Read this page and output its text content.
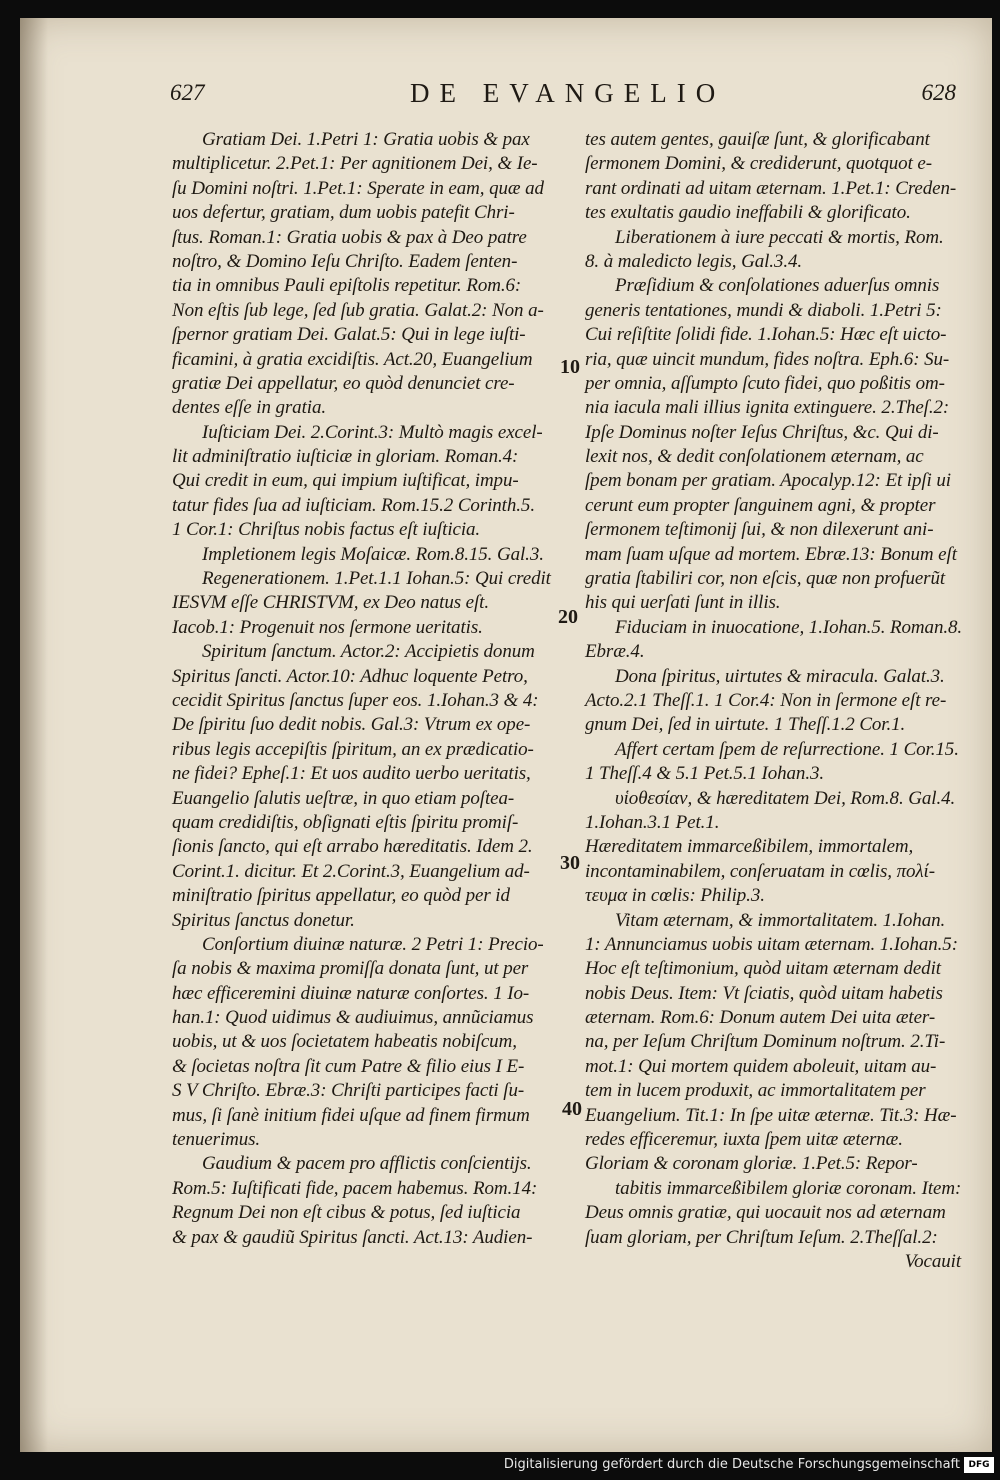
627	DE EVANGELIO	628
Gratiam Dei. 1.Petri 1: Gratia uobis & pax
multiplicetur. 2.Pet.1: Per agnitionem Dei, & Ie-
ſu Domini noſtri. 1.Pet.1: Sperate in eam, quæ ad
uos defertur, gratiam, dum uobis patefit Chri-
ſtus. Roman.1: Gratia uobis & pax à Deo patre
noſtro, & Domino Ieſu Chriſto. Eadem ſenten-
tia in omnibus Pauli epiſtolis repetitur. Rom.6:
Non eſtis ſub lege, ſed ſub gratia. Galat.2: Non a-
ſpernor gratiam Dei. Galat.5: Qui in lege iuſti-
ficamini, à gratia excidiſtis. Act.20, Euangelium
gratiæ Dei appellatur, eo quòd denunciet cre-
dentes eſſe in gratia.
Iuſticiam Dei. 2.Corint.3: Multò magis excel-
lit adminiſtratio iuſticiæ in gloriam. Roman.4:
Qui credit in eum, qui impium iuſtificat, impu-
tatur fides ſua ad iuſticiam. Rom.15.2 Corinth.5.
1 Cor.1: Chriſtus nobis factus eſt iuſticia.
Impletionem legis Moſaicæ. Rom.8.15. Gal.3.
Regenerationem. 1.Pet.1.1 Iohan.5: Qui credit
IESVM eſſe CHRISTVM, ex Deo natus eſt.
Iacob.1: Progenuit nos ſermone ueritatis.
Spiritum ſanctum. Actor.2: Accipietis donum
Spiritus ſancti. Actor.10: Adhuc loquente Petro,
cecidit Spiritus ſanctus ſuper eos. 1.Iohan.3 & 4:
De ſpiritu ſuo dedit nobis. Gal.3: Vtrum ex ope-
ribus legis accepiſtis ſpiritum, an ex prædicatio-
ne fidei? Epheſ.1: Et uos audito uerbo ueritatis,
Euangelio ſalutis ueſtræ, in quo etiam poſtea-
quam credidiſtis, obſignati eſtis ſpiritu promiſ-
ſionis ſancto, qui eſt arrabo hæreditatis. Idem 2.
Corint.1. dicitur. Et 2.Corint.3, Euangelium ad-
miniſtratio ſpiritus appellatur, eo quòd per id
Spiritus ſanctus donetur.
Conſortium diuinæ naturæ. 2 Petri 1: Precio-
ſa nobis & maxima promiſſa donata ſunt, ut per
hæc efficeremini diuinæ naturæ conſortes. 1 Io-
han.1: Quod uidimus & audiuimus, annũciamus
uobis, ut & uos ſocietatem habeatis nobiſcum,
& ſocietas noſtra ſit cum Patre & filio eius I E-
S V Chriſto. Ebræ.3: Chriſti participes facti ſu-
mus, ſi ſanè initium fidei uſque ad finem firmum
tenuerimus.
Gaudium & pacem pro afflictis conſcientijs.
Rom.5: Iuſtificati fide, pacem habemus. Rom.14:
Regnum Dei non eſt cibus & potus, ſed iuſticia
& pax & gaudiũ Spiritus ſancti. Act.13: Audien-
tes autem gentes, gauiſæ ſunt, & glorificabant
ſermonem Domini, & crediderunt, quotquot e-
rant ordinati ad uitam æternam. 1.Pet.1: Creden-
tes exultatis gaudio ineffabili & glorificato.
Liberationem à iure peccati & mortis, Rom.
8. à maledicto legis, Gal.3.4.
Præſidium & conſolationes aduerſus omnis
generis tentationes, mundi & diaboli. 1.Petri 5:
Cui reſiſtite ſolidi fide. 1.Iohan.5: Hæc eſt uicto-
ria, quæ uincit mundum, fides noſtra. Eph.6: Su-
per omnia, aſſumpto ſcuto fidei, quo poßitis om-
nia iacula mali illius ignita extinguere. 2.Theſ.2:
Ipſe Dominus noſter Ieſus Chriſtus, &c. Qui di-
lexit nos, & dedit conſolationem æternam, ac
ſpem bonam per gratiam. Apocalyp.12: Et ipſi ui
cerunt eum propter ſanguinem agni, & propter
ſermonem teſtimonij ſui, & non dilexerunt ani-
mam ſuam uſque ad mortem. Ebræ.13: Bonum eſt
gratia ſtabiliri cor, non eſcis, quæ non profuerũt
his qui uerſati ſunt in illis.
Fiduciam in inuocatione, 1.Iohan.5. Roman.8.
Ebræ.4.
Dona ſpiritus, uirtutes & miracula. Galat.3.
Acto.2.1 Theſſ.1. 1 Cor.4: Non in ſermone eſt re-
gnum Dei, ſed in uirtute. 1 Theſſ.1.2 Cor.1.
Affert certam ſpem de reſurrectione. 1 Cor.15.
1 Theſſ.4 & 5.1 Pet.5.1 Iohan.3.
υἱοθεσίαν, & hæreditatem Dei, Rom.8. Gal.4.
1.Iohan.3.1 Pet.1.
Hæreditatem immarceßibilem, immortalem,
incontaminabilem, conſeruatam in cœlis, πολί-
τευμα in cœlis: Philip.3.
Vitam æternam, & immortalitatem. 1.Iohan.
1: Annunciamus uobis uitam æternam. 1.Iohan.5:
Hoc eſt teſtimonium, quòd uitam æternam dedit
nobis Deus. Item: Vt ſciatis, quòd uitam habetis
æternam. Rom.6: Donum autem Dei uita æter-
na, per Ieſum Chriſtum Dominum noſtrum. 2.Ti-
mot.1: Qui mortem quidem aboleuit, uitam au-
tem in lucem produxit, ac immortalitatem per
Euangelium. Tit.1: In ſpe uitæ æternæ. Tit.3: Hæ-
redes efficeremur, iuxta ſpem uitæ æternæ.
Gloriam & coronam gloriæ. 1.Pet.5: Repor-
tabitis immarceßibilem gloriæ coronam. Item:
Deus omnis gratiæ, qui uocauit nos ad æternam
ſuam gloriam, per Chriſtum Ieſum. 2.Theſſal.2:
Vocauit
10
20
30
40
Digitalisierung gefördert durch die Deutsche Forschungsgemeinschaft DFG
